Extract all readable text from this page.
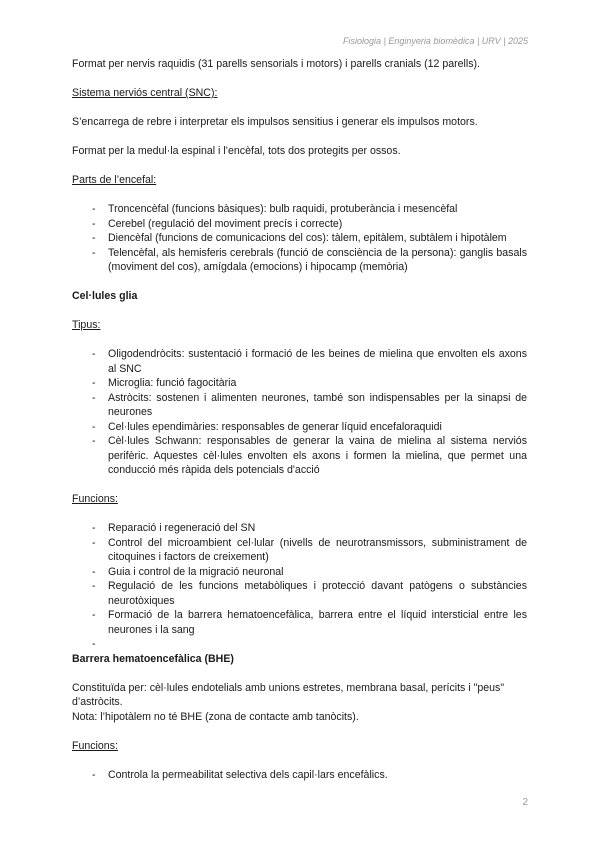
Fisiologia | Enginyeria biomèdica | URV | 2025

Format per nervis raquidis (31 parells sensorials i motors) i parells cranials (12 parells).

Sistema nerviós central (SNC):

S’encarrega de rebre i interpretar els impulsos sensitius i generar els impulsos motors.

Format per la medul·la espinal i l’encèfal, tots dos protegits per ossos.

Parts de l’encefal:

- Troncencèfal (funcions bàsiques): bulb raquidi, protuberància i mesencèfal
- Cerebel (regulació del moviment precís i correcte)
- Diencèfal (funcions de comunicacions del cos): tàlem, epitàlem, subtàlem i hipotàlem
- Telencèfal, als hemisferis cerebrals (funció de consciència de la persona): ganglis basals (moviment del cos), amígdala (emocions) i hipocamp (memòria)

Cel·lules glia

Tipus:

- Oligodendròcits: sustentació i formació de les beines de mielina que envolten els axons al SNC
- Microglia: funció fagocitària
- Astròcits: sostenen i alimenten neurones, també son indispensables per la sinapsi de neurones
- Cel·lules ependimàries: responsables de generar líquid encefaloraquidi
- Cèl·lules Schwann: responsables de generar la vaina de mielina al sistema nerviós perifèric. Aquestes cèl·lules envolten els axons i formen la mielina, que permet una conducció més ràpida dels potencials d'acció

Funcions:

- Reparació i regeneració del SN
- Control del microambient cel·lular (nivells de neurotransmissors, subministrament de citoquines i factors de creixement)
- Guia i control de la migració neuronal
- Regulació de les funcions metabòliques i protecció davant patògens o substàncies neurotòxiques
- Formació de la barrera hematoencefàlica, barrera entre el líquid intersticial entre les neurones i la sang
-

Barrera hematoencefàlica (BHE)

Constituïda per: cèl·lules endotelials amb unions estretes, membrana basal, perícits i "peus" d’astròcits.

Nota: l’hipotàlem no té BHE (zona de contacte amb tanòcits).

Funcions:

- Controla la permeabilitat selectiva dels capil·lars encefàlics.
2
